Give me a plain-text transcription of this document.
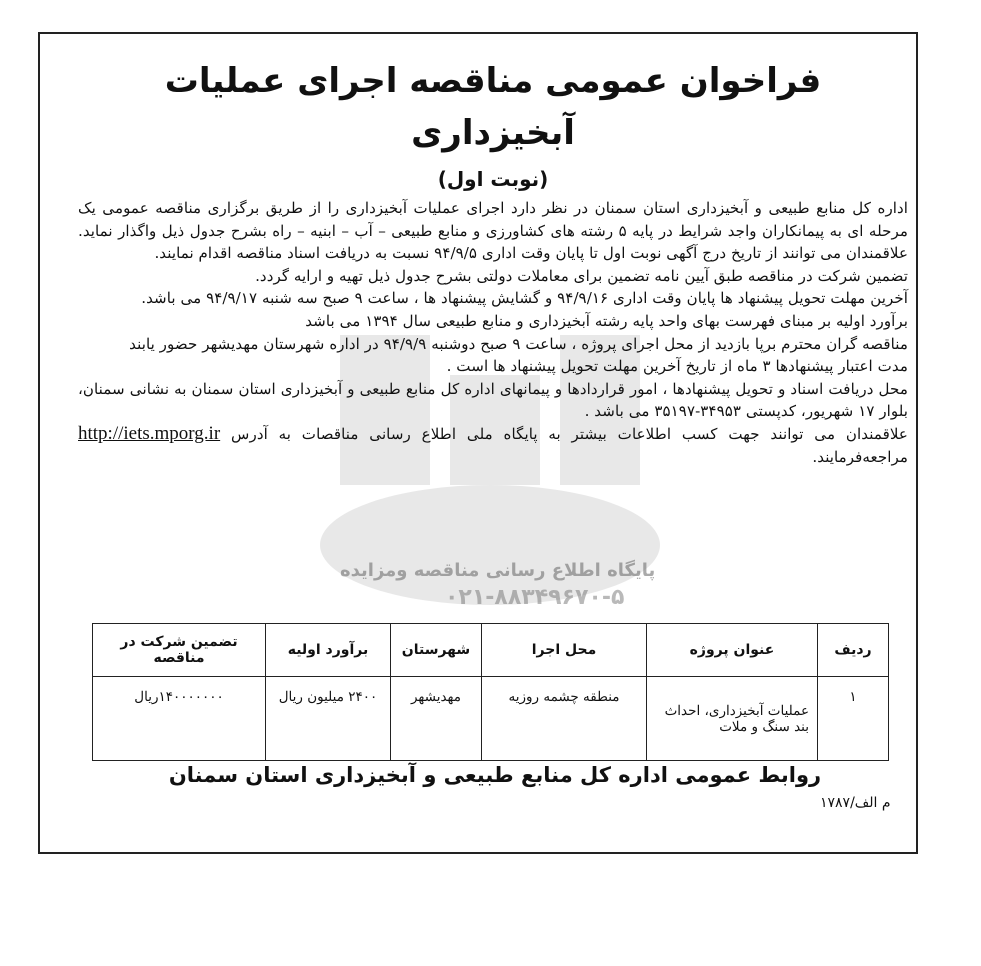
فراخوان عمومی مناقصه اجرای عملیات آبخیزداری
(نوبت اول)

اداره کل منابع طبیعی و آبخیزداری استان سمنان در نظر دارد اجرای عملیات آبخیزداری را از طریق برگزاری مناقصه عمومی یک مرحله ای به پیمانکاران واجد شرایط در پایه ۵ رشته های کشاورزی و منابع طبیعی – آب – ابنیه – راه بشرح جدول ذیل واگذار نماید. علاقمندان می توانند از تاریخ درج آگهی نوبت اول تا پایان وقت اداری ۹۴/۹/۵ نسبت به دریافت اسناد مناقصه اقدام نمایند.

تضمین شرکت در مناقصه طبق آیین نامه تضمین برای معاملات دولتی بشرح جدول ذیل تهیه و ارایه گردد.

آخرین مهلت تحویل پیشنهاد ها پایان وقت اداری ۹۴/۹/۱۶ و گشایش پیشنهاد ها ، ساعت ۹ صبح سه شنبه ۹۴/۹/۱۷ می باشد.

برآورد اولیه بر مبنای فهرست بهای واحد پایه رشته آبخیزداری و منابع طبیعی سال ۱۳۹۴ می باشد

مناقصه گران محترم برپا بازدید از محل اجرای پروژه ، ساعت ۹ صبح دوشنبه ۹۴/۹/۹ در اداره شهرستان مهدیشهر حضور یابند

مدت اعتبار پیشنهادها ۳ ماه از تاریخ آخرین مهلت تحویل پیشنهاد ها است .

محل دریافت اسناد و تحویل پیشنهادها ، امور قراردادها و پیمانهای اداره کل منابع طبیعی و آبخیزداری استان سمنان به نشانی سمنان، بلوار ۱۷ شهریور، کدپستی ۳۴۹۵۳-۳۵۱۹۷ می باشد .

علاقمندان می توانند جهت کسب اطلاعات بیشتر به پایگاه ملی اطلاع رسانی مناقصات به آدرس http://iets.mporg.ir مراجعه‌فرمایند.

پایگاه اطلاع رسانی مناقصه ومزایده
۰۲۱-۸۸۳۴۹۶۷۰-۵
ردیف	عنوان پروژه	محل اجرا	شهرستان	برآورد اولیه	تضمین شرکت در مناقصه
۱	عملیات آبخیزداری، احداث بند سنگ و ملات	منطقه چشمه روزیه	مهدیشهر	۲۴۰۰ میلیون ریال	۱۴۰۰۰۰۰۰۰ریال
روابط عمومی اداره کل منابع طبیعی و آبخیزداری استان سمنان
م الف/۱۷۸۷
